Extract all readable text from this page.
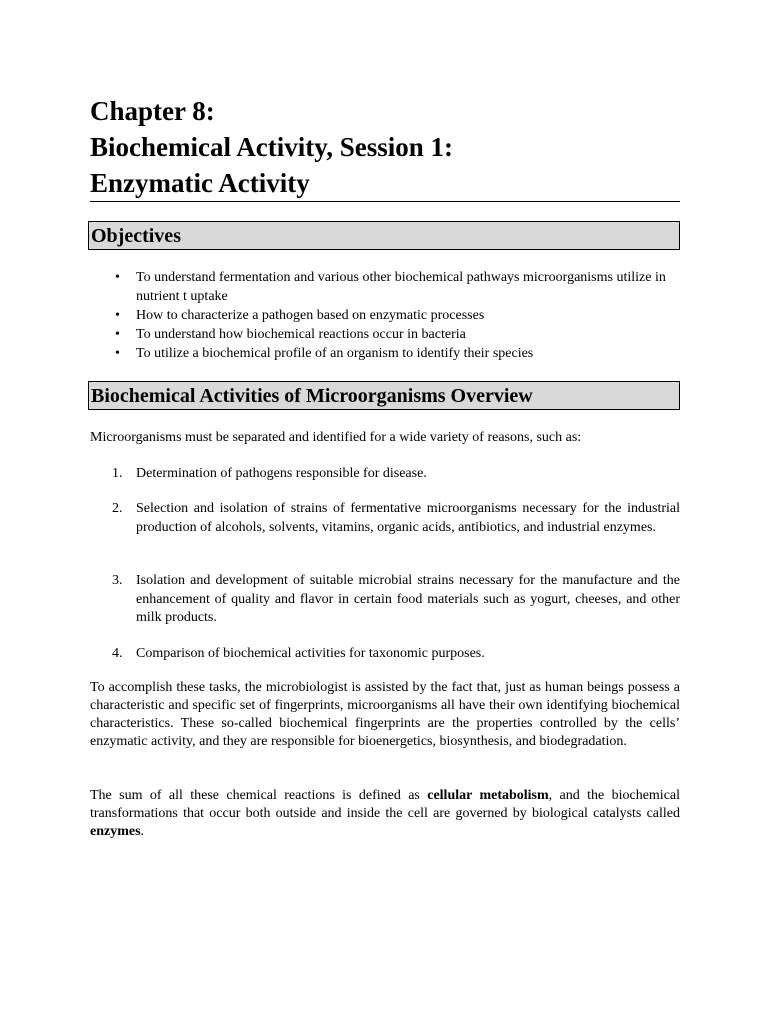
Chapter 8:
Biochemical Activity, Session 1:
Enzymatic Activity
Objectives
• To understand fermentation and various other biochemical pathways microorganisms utilize in nutrient t uptake
• How to characterize a pathogen based on enzymatic processes
• To understand how biochemical reactions occur in bacteria
• To utilize a biochemical profile of an organism to identify their species
Biochemical Activities of Microorganisms Overview

Microorganisms must be separated and identified for a wide variety of reasons, such as:

1. Determination of pathogens responsible for disease.
2. Selection and isolation of strains of fermentative microorganisms necessary for the industrial production of alcohols, solvents, vitamins, organic acids, antibiotics, and industrial enzymes.
3. Isolation and development of suitable microbial strains necessary for the manufacture and the enhancement of quality and flavor in certain food materials such as yogurt, cheeses, and other milk products.
4. Comparison of biochemical activities for taxonomic purposes.

To accomplish these tasks, the microbiologist is assisted by the fact that, just as human beings possess a characteristic and specific set of fingerprints, microorganisms all have their own identifying biochemical characteristics. These so-called biochemical fingerprints are the properties controlled by the cells’ enzymatic activity, and they are responsible for bioenergetics, biosynthesis, and biodegradation.

The sum of all these chemical reactions is defined as cellular metabolism, and the biochemical transformations that occur both outside and inside the cell are governed by biological catalysts called enzymes.
